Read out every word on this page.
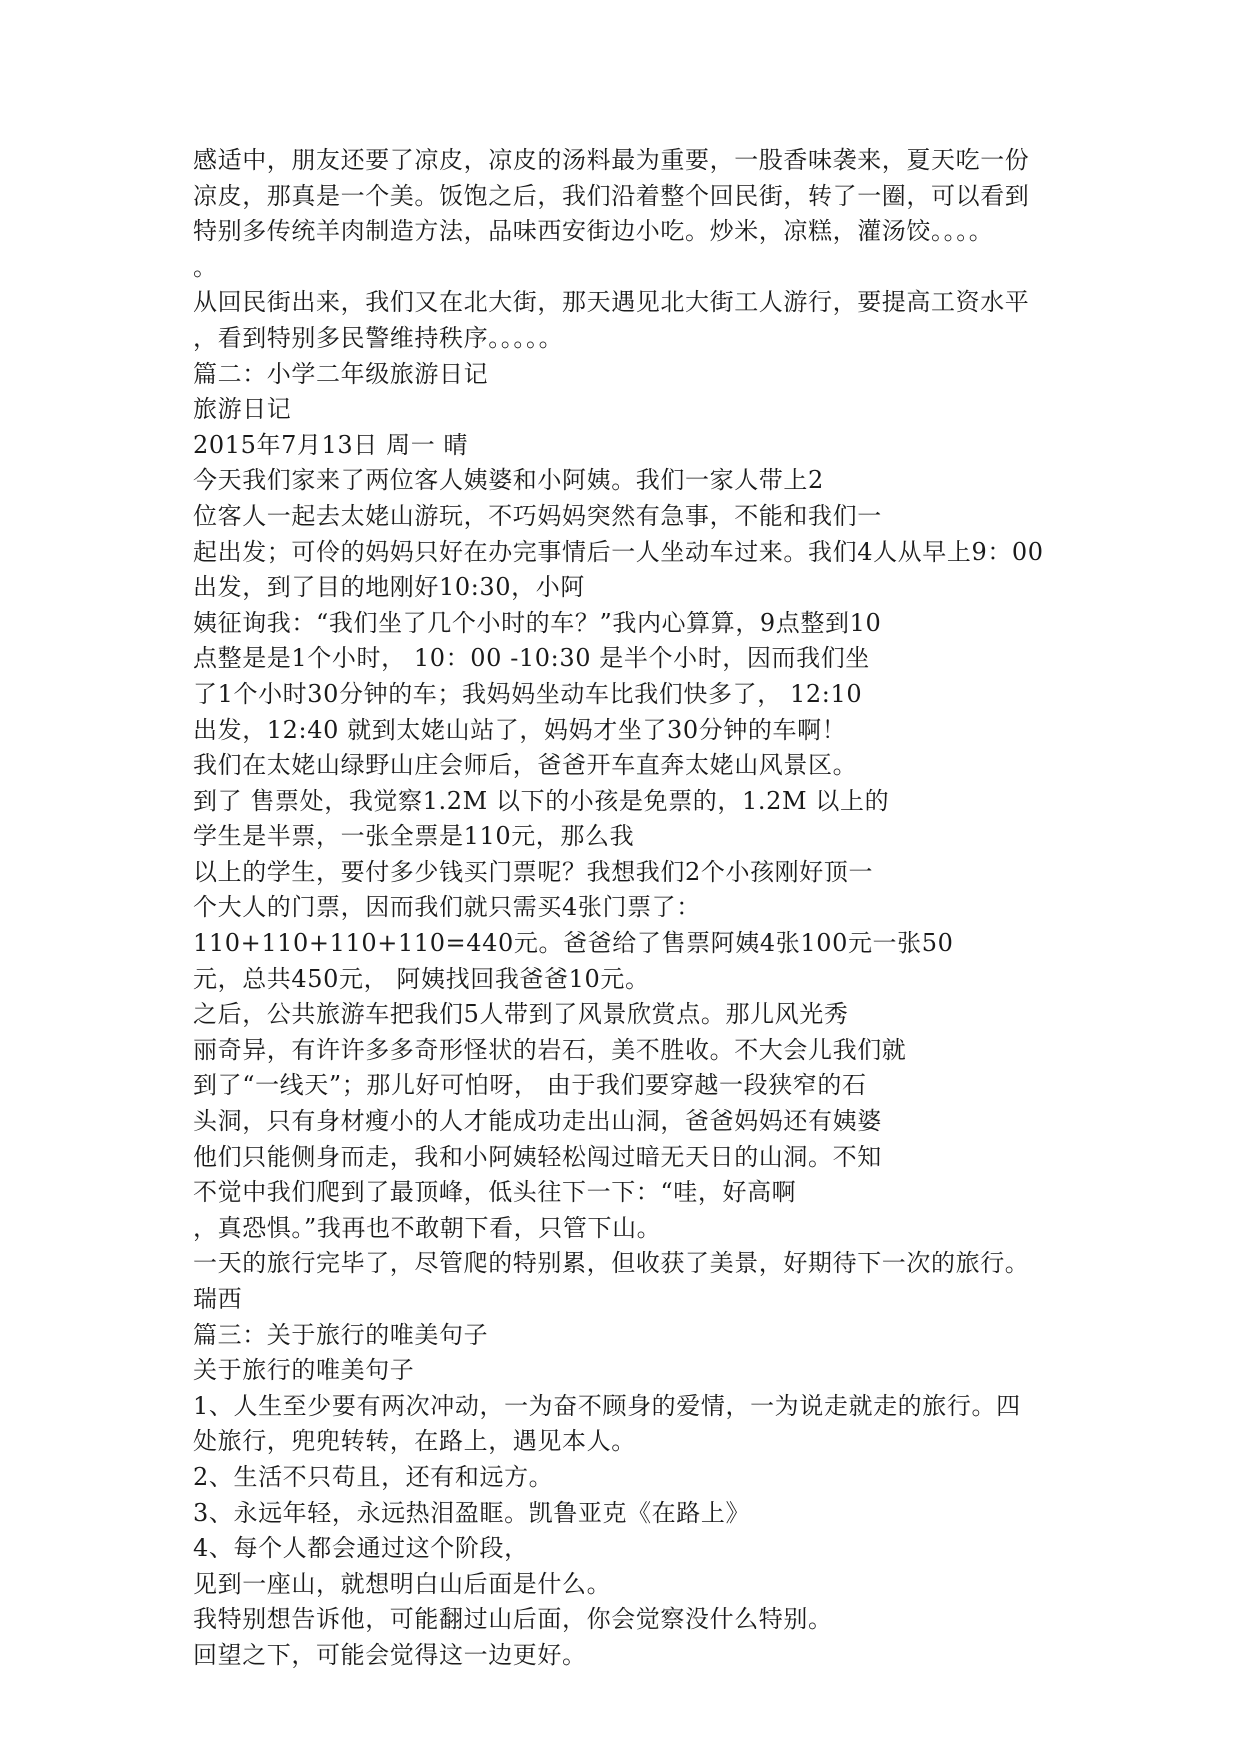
感适中，朋友还要了凉皮，凉皮的汤料最为重要，一股香味袭来，夏天吃一份
凉皮，那真是一个美。饭饱之后，我们沿着整个回民街，转了一圈，可以看到
特别多传统羊肉制造方法，品味西安街边小吃。炒米，凉糕，灌汤饺。。。。
。
从回民街出来，我们又在北大街，那天遇见北大街工人游行，要提高工资水平
，看到特别多民警维持秩序。。。。。
篇二：小学二年级旅游日记
旅游日记
2015年7月13日 周一 晴
今天我们家来了两位客人姨婆和小阿姨。我们一家人带上2
位客人一起去太姥山游玩，不巧妈妈突然有急事，不能和我们一
起出发；可伶的妈妈只好在办完事情后一人坐动车过来。我们4人从早上9：00
出发，到了目的地刚好10:30，小阿
姨征询我：“我们坐了几个小时的车？”我内心算算，9点整到10
点整是是1个小时， 10：00 -10:30 是半个小时，因而我们坐
了1个小时30分钟的车；我妈妈坐动车比我们快多了， 12:10
出发，12:40 就到太姥山站了，妈妈才坐了30分钟的车啊！
我们在太姥山绿野山庄会师后，爸爸开车直奔太姥山风景区。
到了 售票处，我觉察1.2M 以下的小孩是免票的，1.2M 以上的
学生是半票，一张全票是110元，那么我
以上的学生，要付多少钱买门票呢？我想我们2个小孩刚好顶一
个大人的门票，因而我们就只需买4张门票了：
110+110+110+110=440元。爸爸给了售票阿姨4张100元一张50
元，总共450元， 阿姨找回我爸爸10元。
之后，公共旅游车把我们5人带到了风景欣赏点。那儿风光秀
丽奇异，有许许多多奇形怪状的岩石，美不胜收。不大会儿我们就
到了“一线天”；那儿好可怕呀， 由于我们要穿越一段狭窄的石
头洞，只有身材瘦小的人才能成功走出山洞，爸爸妈妈还有姨婆
他们只能侧身而走，我和小阿姨轻松闯过暗无天日的山洞。不知
不觉中我们爬到了最顶峰，低头往下一下：“哇，好高啊
，真恐惧。”我再也不敢朝下看，只管下山。
一天的旅行完毕了，尽管爬的特别累，但收获了美景，好期待下一次的旅行。
瑞西
篇三：关于旅行的唯美句子
关于旅行的唯美句子
1、人生至少要有两次冲动，一为奋不顾身的爱情，一为说走就走的旅行。四
处旅行，兜兜转转，在路上，遇见本人。
2、生活不只苟且，还有和远方。
3、永远年轻，永远热泪盈眶。凯鲁亚克《在路上》
4、每个人都会通过这个阶段，
见到一座山，就想明白山后面是什么。
我特别想告诉他，可能翻过山后面，你会觉察没什么特别。
回望之下，可能会觉得这一边更好。
